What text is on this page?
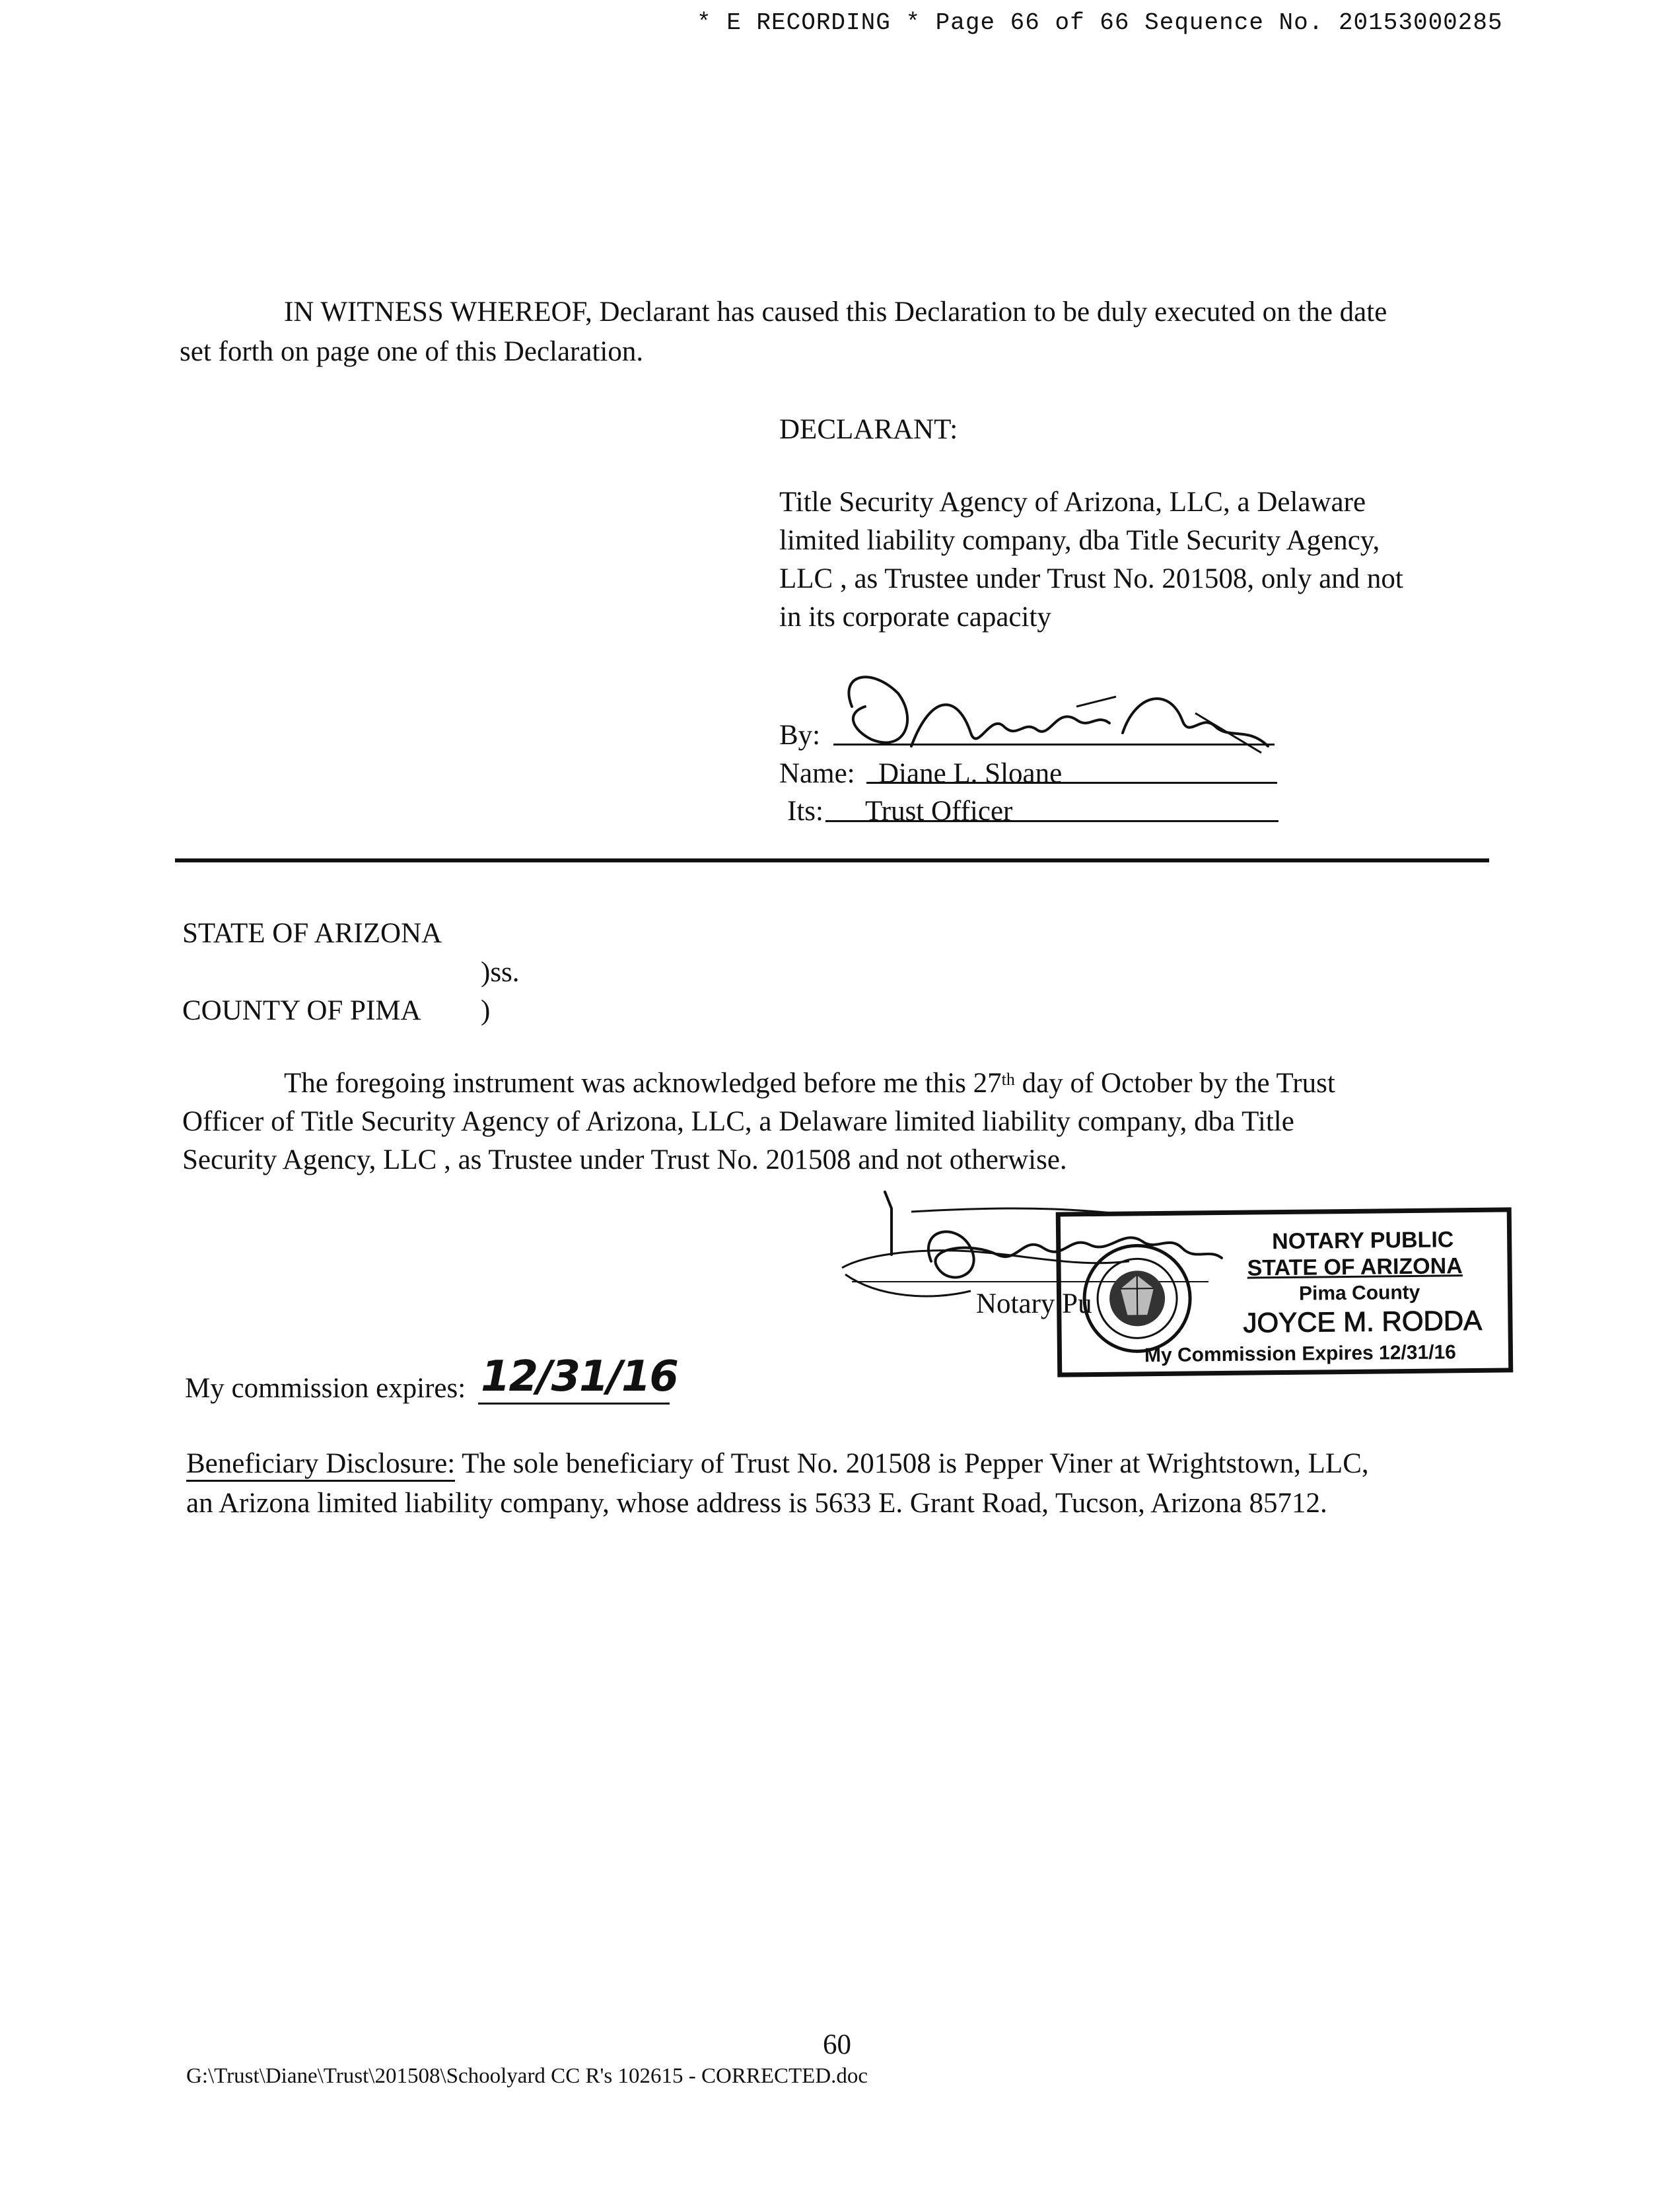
* E RECORDING * Page 66 of 66 Sequence No. 20153000285
IN WITNESS WHEREOF, Declarant has caused this Declaration to be duly executed on the date
set forth on page one of this Declaration.
DECLARANT:
Title Security Agency of Arizona, LLC, a Delaware
limited liability company, dba Title Security Agency,
LLC , as Trustee under Trust No. 201508, only and not
in its corporate capacity
By:
Name: Diane L. Sloane
Its: Trust Officer
STATE OF ARIZONA
)ss.
COUNTY OF PIMA )
The foregoing instrument was acknowledged before me this 27th day of October by the Trust
Officer of Title Security Agency of Arizona, LLC, a Delaware limited liability company, dba Title
Security Agency, LLC , as Trustee under Trust No. 201508 and not otherwise.
Notary Pu
NOTARY PUBLIC
STATE OF ARIZONA
Pima County
JOYCE M. RODDA
My Commission Expires 12/31/16
My commission expires: 12/31/16
Beneficiary Disclosure: The sole beneficiary of Trust No. 201508 is Pepper Viner at Wrightstown, LLC,
an Arizona limited liability company, whose address is 5633 E. Grant Road, Tucson, Arizona 85712.
60
G:\Trust\Diane\Trust\201508\Schoolyard CC R's 102615 - CORRECTED.doc
